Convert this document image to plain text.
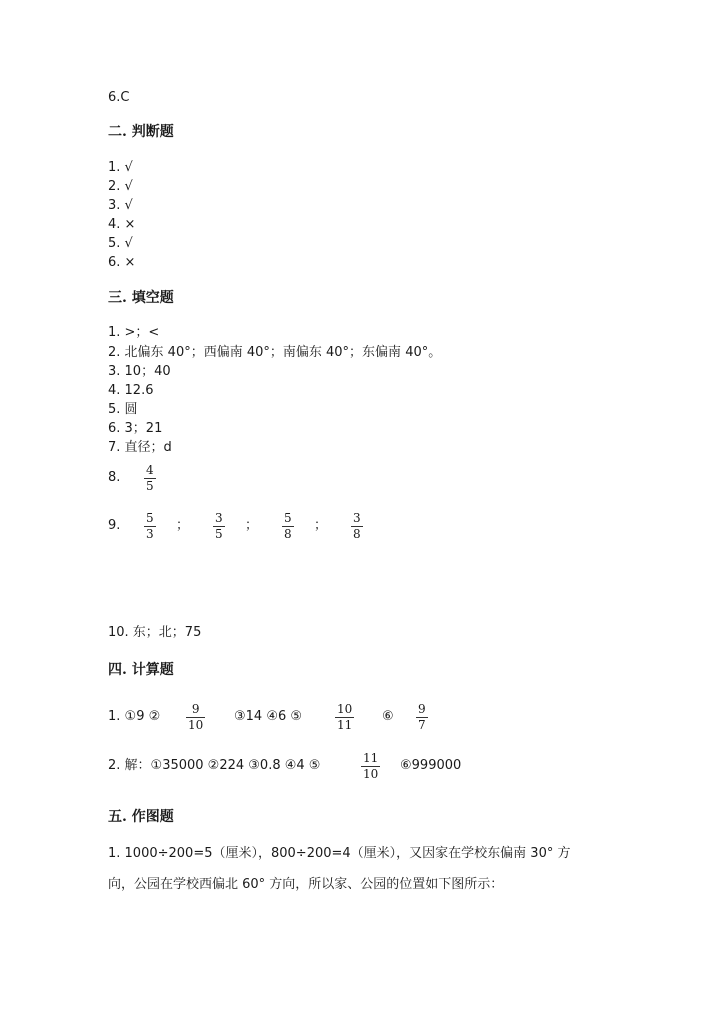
6.C
二. 判断题
1. √
2. √
3. √
4. ×
5. √
6. ×
三. 填空题
1. >；<
2. 北偏东 40°；西偏南 40°；南偏东 40°；东偏南 40°。
3. 10；40
4. 12.6
5. 圆
6. 3；21
7. 直径；d
8. 4
5
9. 5
3
； 3
5
； 5
8
； 3
8
10. 东；北；75
四. 计算题
1. ①9 ②	9
10
③14 ④6 ⑤	10
11
⑥ 9
7
2. 解：①35000 ②224 ③0.8 ④4 ⑤	11
10
⑥999000
五. 作图题
1. 1000÷200=5（厘米），800÷200=4（厘米），又因家在学校东偏南 30° 方
向，公园在学校西偏北 60° 方向，所以家、公园的位置如下图所示：
